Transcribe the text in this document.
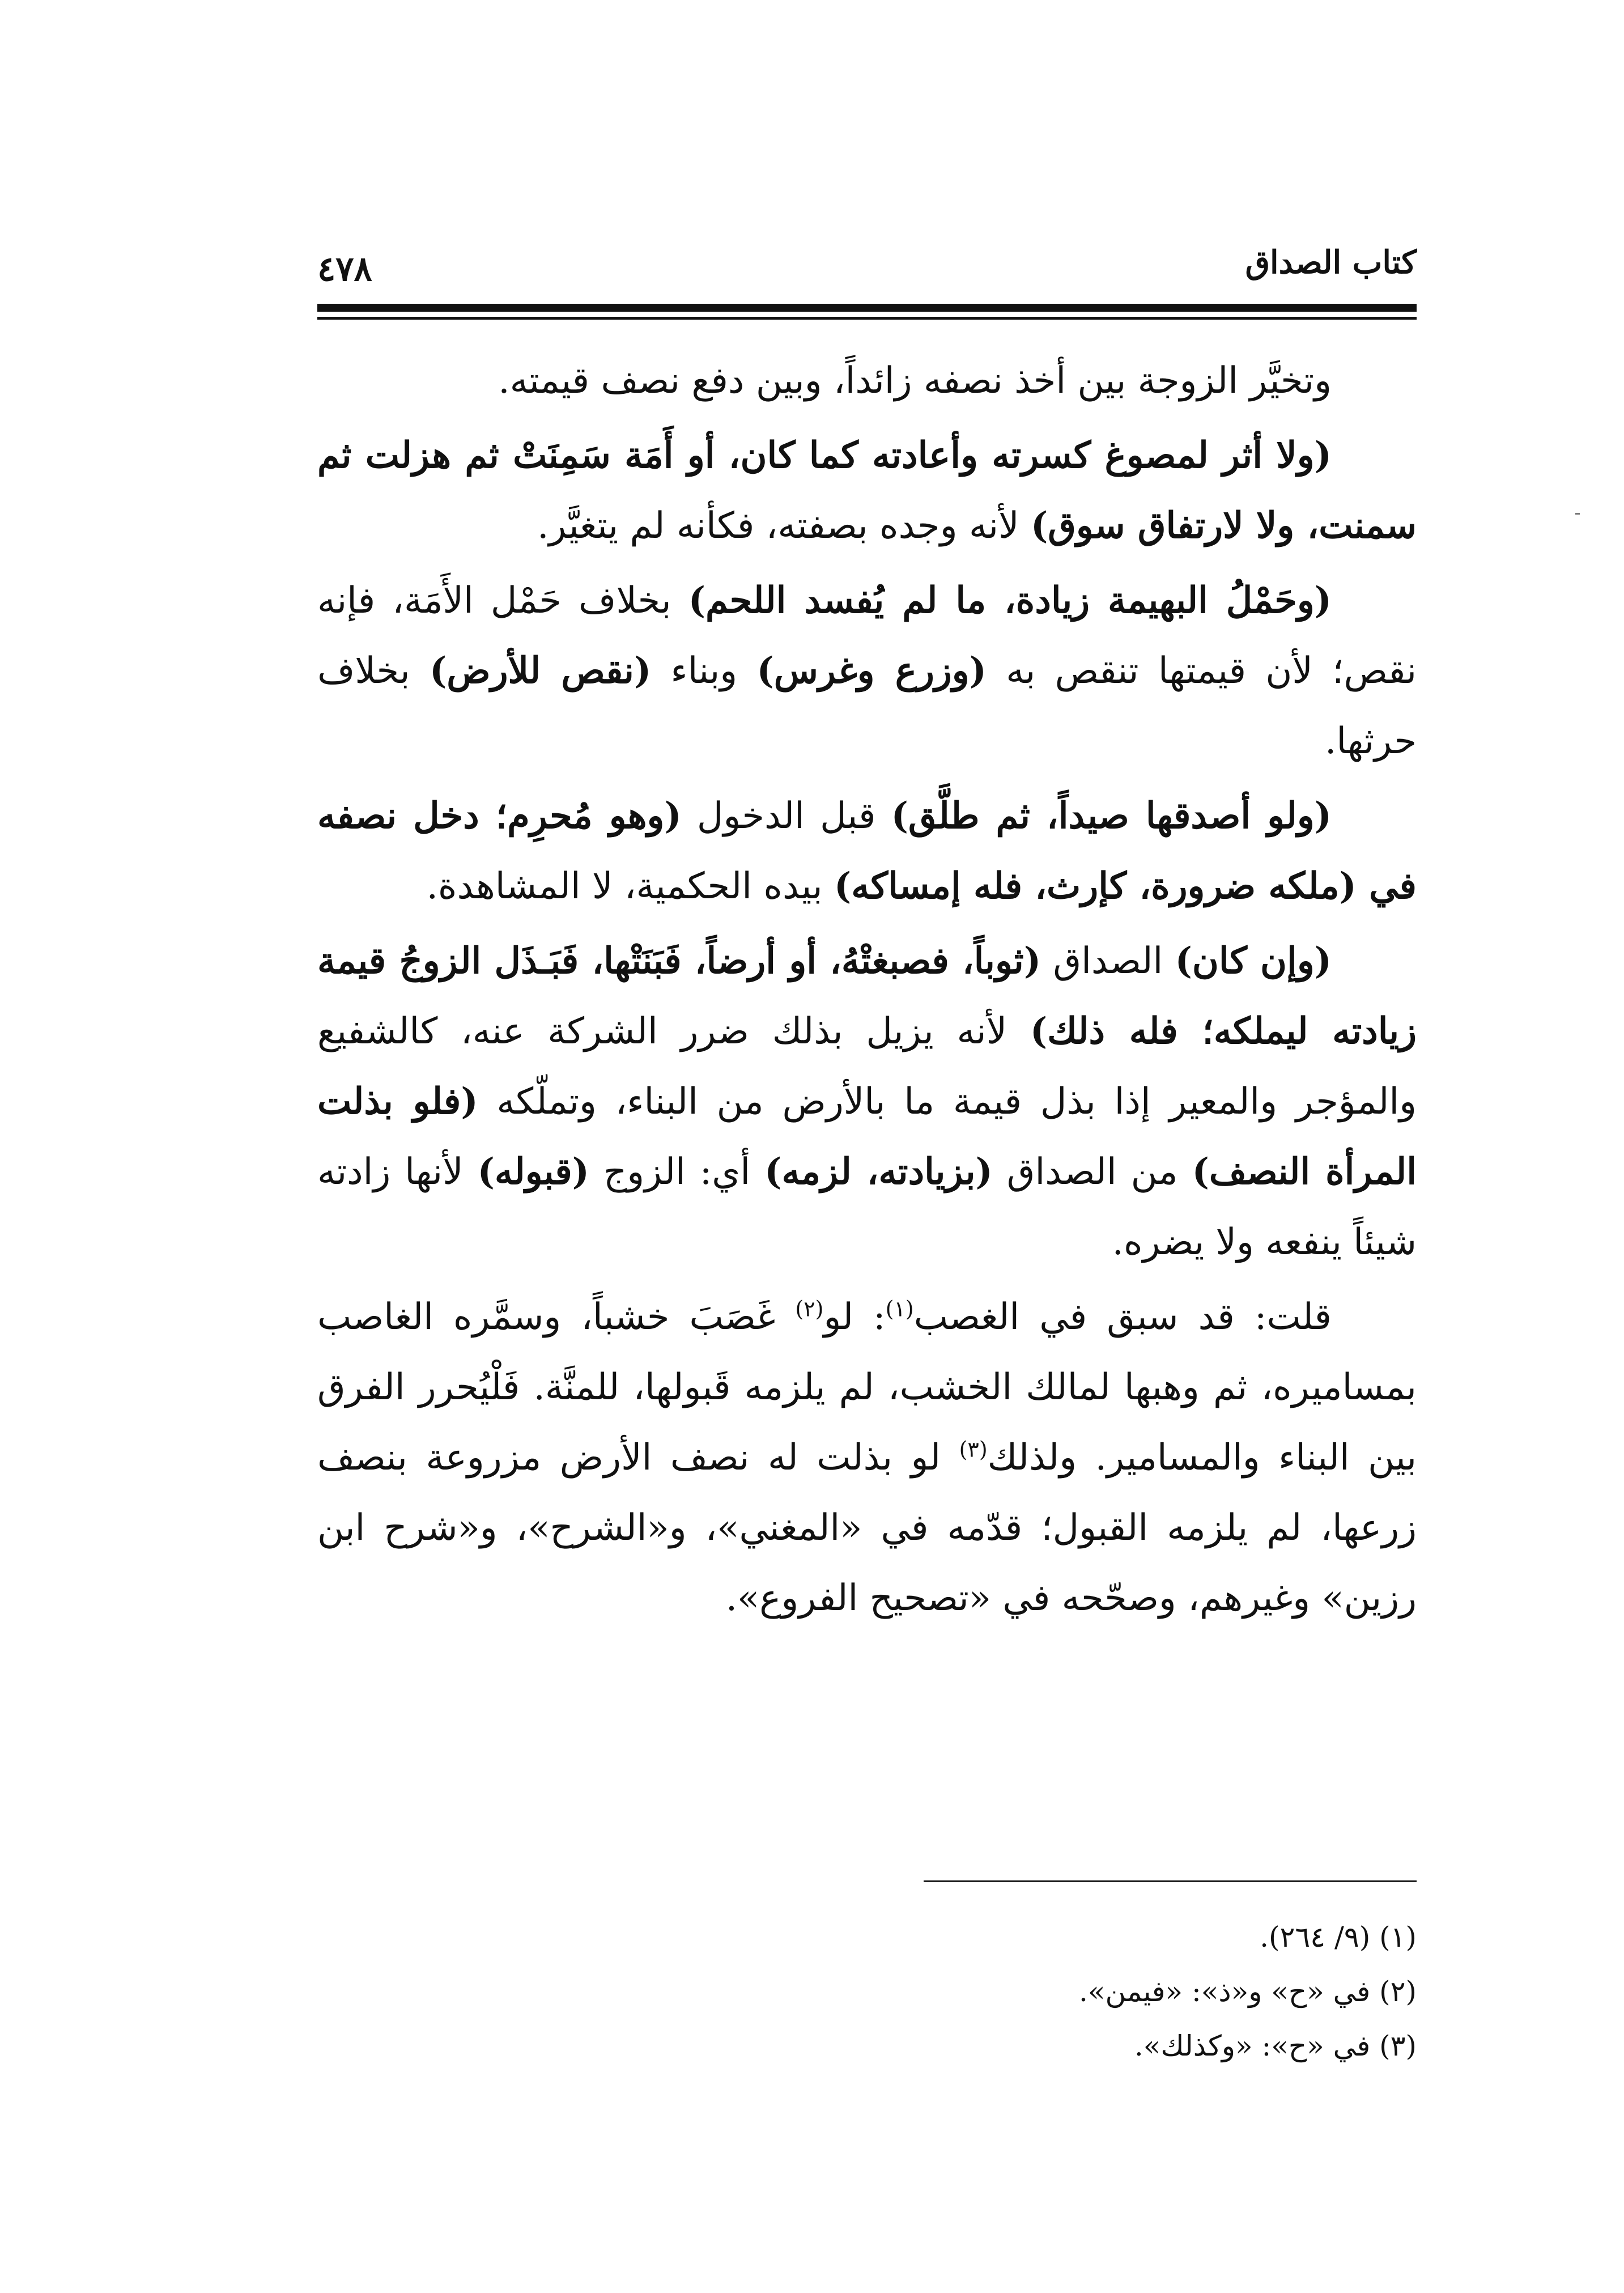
كتاب الصداق
٤٧٨

وتخيَّر الزوجة بين أخذ نصفه زائداً، وبين دفع نصف قيمته.

(ولا أثر لمصوغ كسرته وأعادته كما كان، أو أَمَة سَمِنَتْ ثم هزلت ثم سمنت، ولا لارتفاق سوق) لأنه وجده بصفته، فكأنه لم يتغيَّر.

(وحَمْلُ البهيمة زيادة، ما لم يُفسد اللحم) بخلاف حَمْل الأَمَة، فإنه نقص؛ لأن قيمتها تنقص به (وزرع وغرس) وبناء (نقص للأرض) بخلاف حرثها.

(ولو أصدقها صيداً، ثم طلَّق) قبل الدخول (وهو مُحرِم؛ دخل نصفه في (ملكه ضرورة، كإرث، فله إمساكه) بيده الحكمية، لا المشاهدة.

(وإن كان) الصداق (ثوباً، فصبغتْهُ، أو أرضاً، فَبَنَتْها، فَبَـذَل الزوجُ قيمة زيادته ليملكه؛ فله ذلك) لأنه يزيل بذلك ضرر الشركة عنه، كالشفيع والمؤجر والمعير إذا بذل قيمة ما بالأرض من البناء، وتملّكه (فلو بذلت المرأة النصف) من الصداق (بزيادته، لزمه) أي: الزوج (قبوله) لأنها زادته شيئاً ينفعه ولا يضره.

قلت: قد سبق في الغصب$^{(١)}$: لو$^{(٢)}$ غَصَبَ خشباً، وسمَّره الغاصب بمساميره، ثم وهبها لمالك الخشب، لم يلزمه قَبولها، للمنَّة. فَلْيُحرر الفرق بين البناء والمسامير. ولذلك$^{(٣)}$ لو بذلت له نصف الأرض مزروعة بنصف زرعها، لم يلزمه القبول؛ قدّمه في «المغني»، و«الشرح»، و«شرح ابن رزين» وغيرهم، وصحّحه في «تصحيح الفروع».

(١) (٩/ ٢٦٤).
(٢) في «ح» و«ذ»: «فيمن».
(٣) في «ح»: «وكذلك».
